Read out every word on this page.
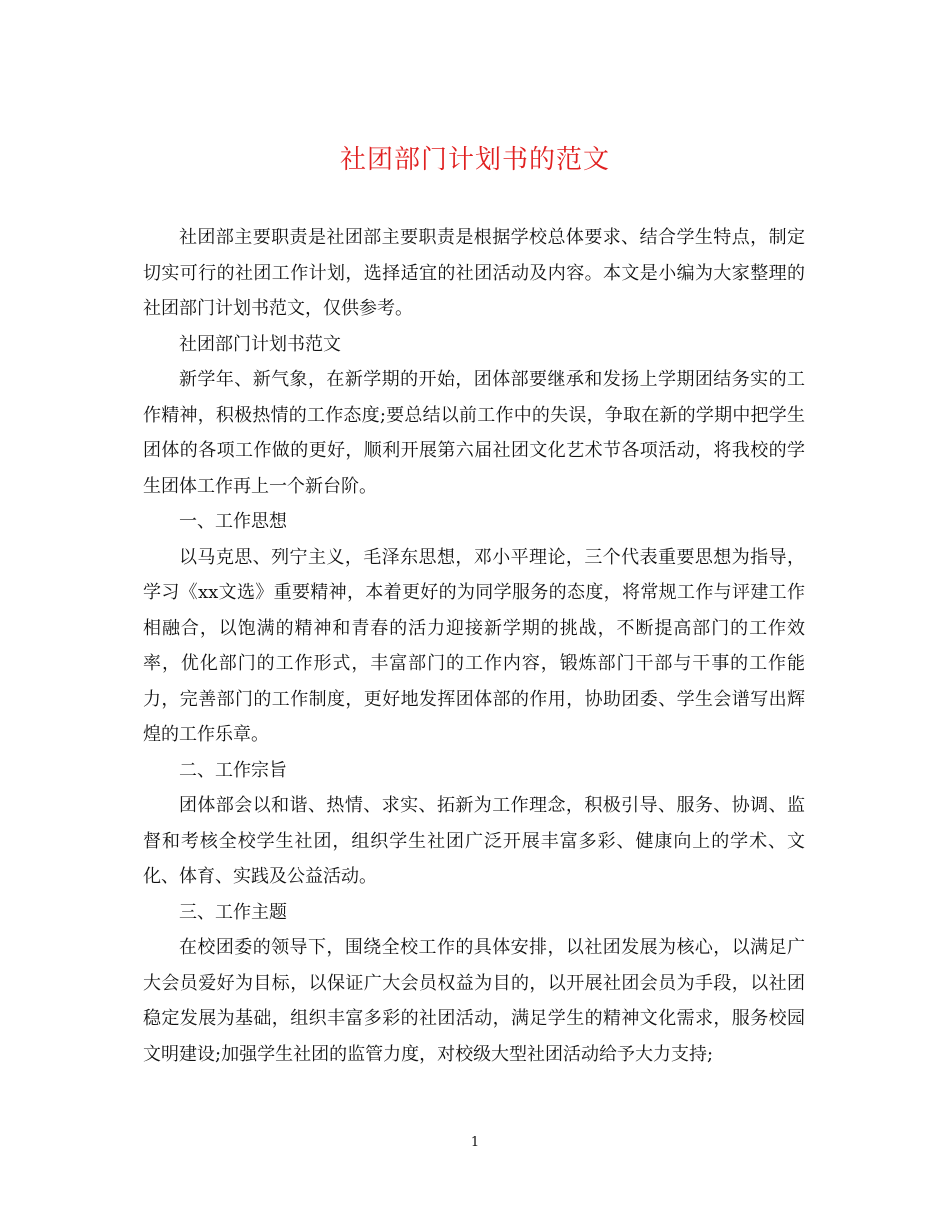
社团部门计划书的范文

社团部主要职责是社团部主要职责是根据学校总体要求、结合学生特点，制定切实可行的社团工作计划，选择适宜的社团活动及内容。本文是小编为大家整理的社团部门计划书范文，仅供参考。

社团部门计划书范文

新学年、新气象，在新学期的开始，团体部要继承和发扬上学期团结务实的工作精神，积极热情的工作态度;要总结以前工作中的失误，争取在新的学期中把学生团体的各项工作做的更好，顺利开展第六届社团文化艺术节各项活动，将我校的学生团体工作再上一个新台阶。

一、工作思想

以马克思、列宁主义，毛泽东思想，邓小平理论，三个代表重要思想为指导，学习《xx文选》重要精神，本着更好的为同学服务的态度，将常规工作与评建工作相融合，以饱满的精神和青春的活力迎接新学期的挑战，不断提高部门的工作效率，优化部门的工作形式，丰富部门的工作内容，锻炼部门干部与干事的工作能力，完善部门的工作制度，更好地发挥团体部的作用，协助团委、学生会谱写出辉煌的工作乐章。

二、工作宗旨

团体部会以和谐、热情、求实、拓新为工作理念，积极引导、服务、协调、监督和考核全校学生社团，组织学生社团广泛开展丰富多彩、健康向上的学术、文化、体育、实践及公益活动。

三、工作主题

在校团委的领导下，围绕全校工作的具体安排，以社团发展为核心，以满足广大会员爱好为目标，以保证广大会员权益为目的，以开展社团会员为手段，以社团稳定发展为基础，组织丰富多彩的社团活动，满足学生的精神文化需求，服务校园文明建设;加强学生社团的监管力度，对校级大型社团活动给予大力支持;

1
